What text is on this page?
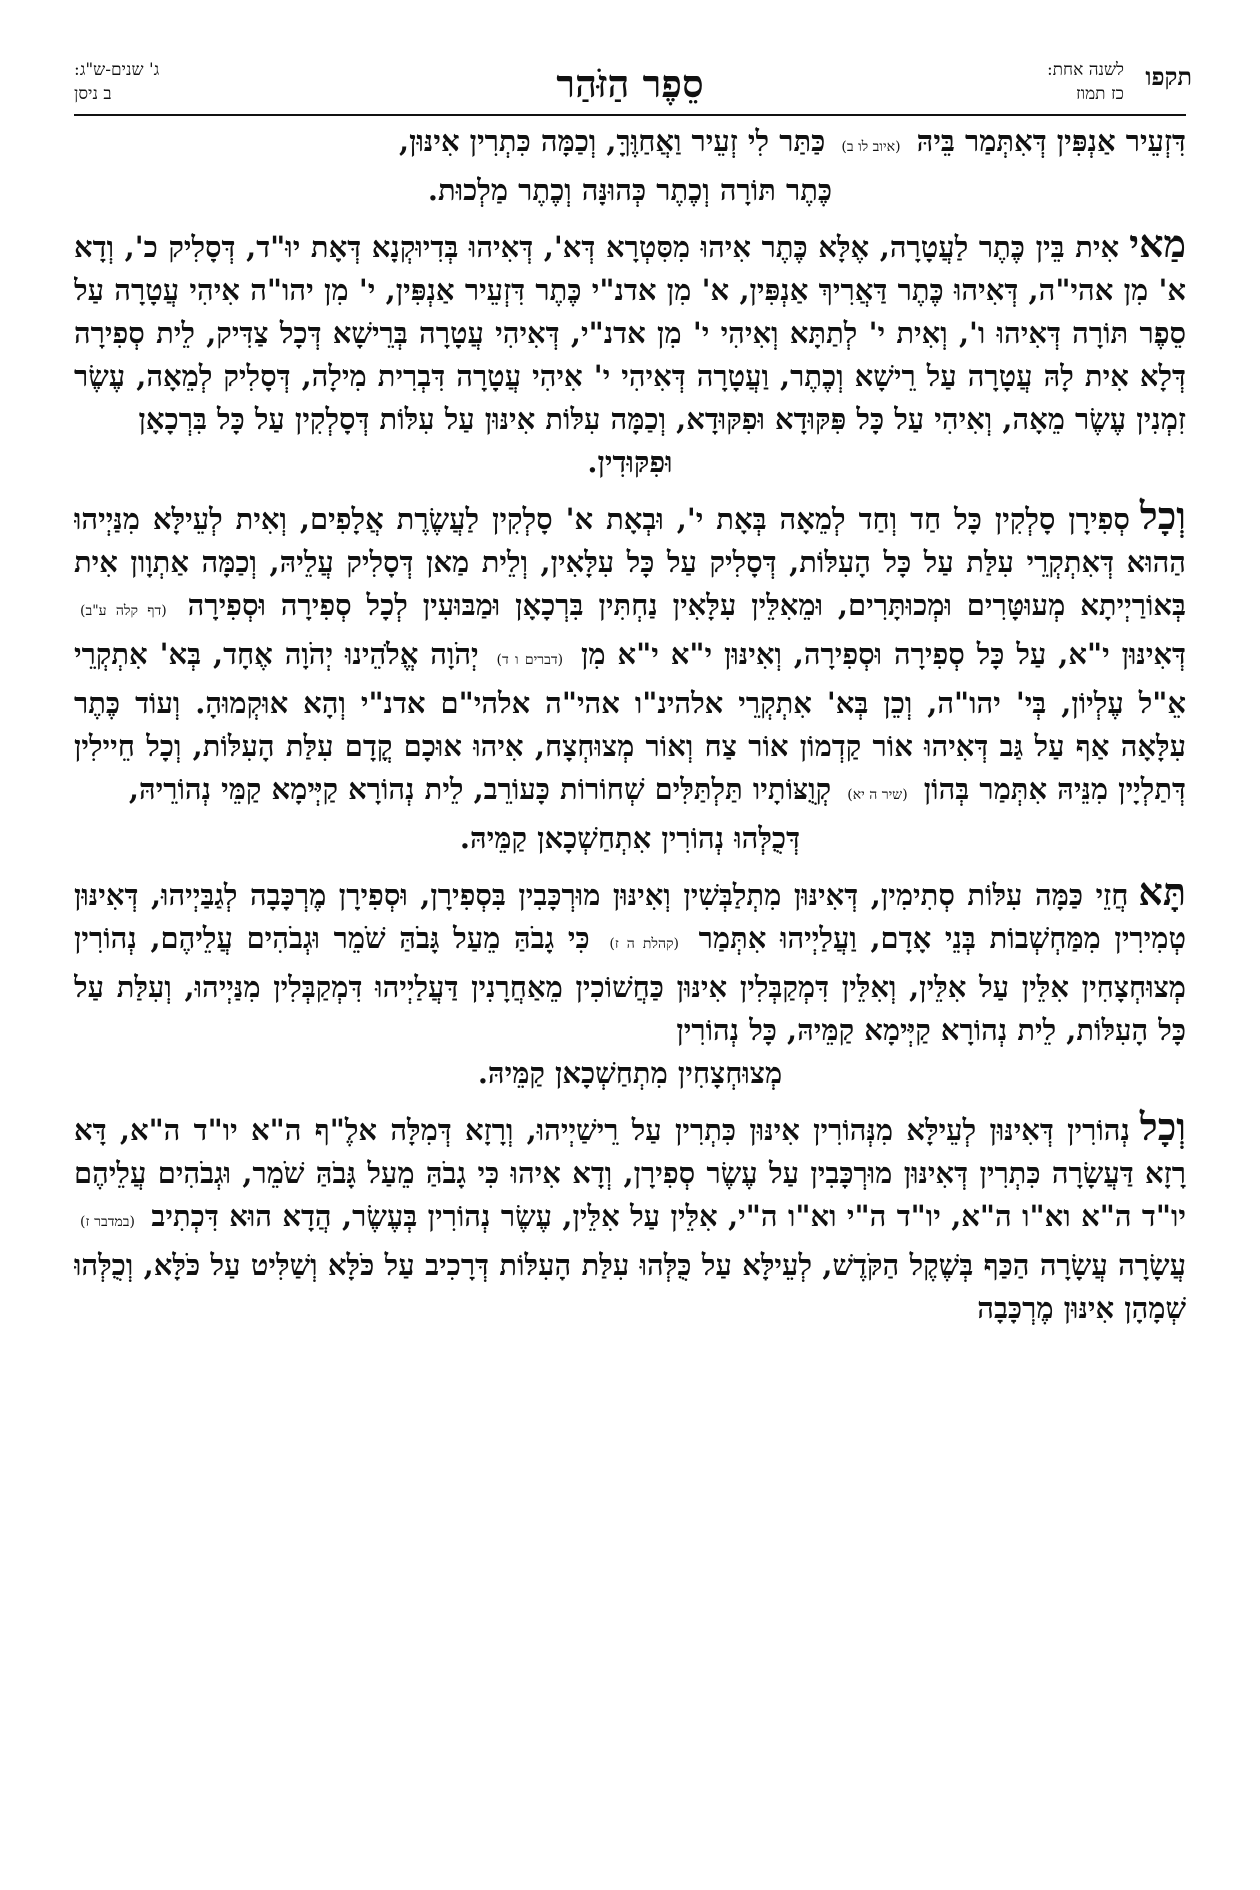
תקפו
לשנה אחת:
כז תמוז
סֵפֶר הַזֹּהַר
ג' שנים-ש"ג:
ב ניסן

דִּזְעֵיר אַנְפִּין דְּאִתְּמַר בֵּיהּ (איוב לו ב) כַּתַּר לִי זְעֵיר וַאֲחַוֶּךָּ, וְכַמָּה כִּתְרִין אִינּוּן,
כֶּתֶר תּוֹרָה וְכֶתֶר כְּהוּנָּה וְכֶתֶר מַלְכוּת.

מַאיאִית בֵּין כֶּתֶר לַעֲטָרָה, אֶלָּא כֶּתֶר אִיהוּ מִסִּטְרָא דְּא', דְּאִיהוּ בְּדִיוּקְנָא דְּאָת יוּ"ד, דְּסָלִיק כ', וְדָא א' מִן אהי"ה, דְּאִיהוּ כֶּתֶר דַּאֲרִיךְ אַנְפִּין, א' מִן אדנ"י כֶּתֶר דִּזְעֵיר אַנְפִּין, י' מִן יהו"ה אִיהִי עֲטָרָה עַל סֵפֶר תּוֹרָה דְּאִיהוּ ו', וְאִית י' לְתַתָּא וְאִיהִי י' מִן אדנ"י, דְּאִיהִי עֲטָרָה בְּרֵישָׁא דְּכָל צַדִּיק, לֵית סְפִירָה דְּלָא אִית לָהּ עֲטָרָה עַל רֵישָׁא וְכֶתֶר, וַעֲטָרָה דְּאִיהִי י' אִיהִי עֲטָרָה דִּבְרִית מִילָה, דְּסָלִיק לְמֵאָה, עֶשֶׂר זִמְנִין עֶשֶׂר מֵאָה, וְאִיהִי עַל כָּל פִּקּוּדָא וּפִקּוּדָא, וְכַמָּה עִלּוֹת אִינּוּן עַל עִלּוֹת דְּסָלְקִין עַל כָּל בִּרְכָאָן
וּפִקּוּדִין.

וְכָלסְפִירָן סָלְקִין כָּל חַד וְחַד לְמֵאָה בְּאָת י', וּבְאָת א' סָלְקִין לַעֲשֶׂרֶת אֲלָפִים, וְאִית לְעֵילָּא מִנַּיְיהוּ הַהוּא דְּאִתְקְרֵי עִלַּת עַל כָּל הָעִלּוֹת, דְּסָלִיק עַל כָּל עִלָּאִין, וְלֵית מַאן דְּסָלִיק עֲלֵיהּ, וְכַמָּה אַתְוָון אִית בְּאוֹרַיְיתָא מְעוּטָּרִים וּמְכוּתָּרִים, וּמֵאִלֵּין עִלָּאִין נַחְתִּין בִּרְכָאָן וּמַבּוּעִין לְכָל סְפִירָה וּסְפִירָה (דף קלה ע"ב) דְּאִינּוּן י"א, עַל כָּל סְפִירָה וּסְפִירָה, וְאִינּוּן י"א י"א מִן (דברים ו ד) יְהֹוָה אֱלֹהֵינוּ יְהֹוָה אֶחָד, בְּא' אִתְקְרֵי אֵ"ל עֶלְיוֹן, בְּי' יהו"ה, וְכֵן בְּא' אִתְקְרֵי אלהינ"ו אהי"ה אלהי"ם אדנ"י וְהָא אוּקְמוּהָ. וְעוֹד כֶּתֶר עִלָּאָה אַף עַל גַּב דְּאִיהוּ אוֹר קַדְמוֹן אוֹר צַח וְאוֹר מְצוּחְצָח, אִיהוּ אוּכָם קֳדָם עִלַּת הָעִלּוֹת, וְכָל חֵיילִין דְּתַלְיָין מִנֵּיהּ אִתְּמַר בְּהוֹן (שיר ה יא) קְוֻצּוֹתָיו תַּלְתַּלִּים שְׁחוֹרוֹת כָּעוֹרֵב, לֵית נְהוֹרָא קַיְּימָא קַמֵּי נְהוֹרֵיהּ,
דְּכֻלְּהוּ נְהוֹרִין אִתְחַשְׁכָאן קַמֵּיהּ.

תָּאחֲזֵי כַּמָּה עִלּוֹת סְתִימִין, דְּאִינּוּן מִתְלַבְּשִׁין וְאִינּוּן מוּרְכָּבִין בִּסְפִירָן, וּסְפִירָן מֶרְכָּבָה לְגַבַּיְיהוּ, דְּאִינּוּן טְמִירִין מִמַּחְשְׁבוֹת בְּנֵי אָדָם, וַעֲלַיְיהוּ אִתְּמַר (קהלת ה ז) כִּי גָבֹהַּ מֵעַל גָּבֹהַּ שֹׁמֵר וּגְבֹהִים עֲלֵיהֶם, נְהוֹרִין מְצוּחְצָחִין אִלֵּין עַל אִלֵּין, וְאִלֵּין דִּמְקַבְּלִין אִינּוּן כַּחֲשׁוֹכִין מֵאַחֲרָנִין דַּעֲלַיְיהוּ דִּמְקַבְּלִין מִנַּיְיהוּ, וְעִלַּת עַל כָּל הָעִלּוֹת, לֵית נְהוֹרָא קַיְּימָא קַמֵּיהּ, כָּל נְהוֹרִין
מְצוּחְצָחִין מִתְחַשְׁכָאן קַמֵּיהּ.

וְכָלנְהוֹרִין דְּאִינּוּן לְעֵילָּא מִנְּהוֹרִין אִינּוּן כִּתְרִין עַל רֵישַׁיְיהוּ, וְרָזָא דְּמִלָּה אלֶ"ף ה"א יו"ד ה"א, דָּא רָזָא דַּעֲשָׂרָה כִּתְרִין דְּאִינּוּן מוּרְכָּבִין עַל עֶשֶׂר סְפִירָן, וְדָא אִיהוּ כִּי גָבֹהַּ מֵעַל גָּבֹהַּ שֹׁמֵר, וּגְבֹהִים עֲלֵיהֶם יו"ד ה"א וא"ו ה"א, יו"ד ה"י וא"ו ה"י, אִלֵּין עַל אִלֵּין, עֶשֶׂר נְהוֹרִין בְּעֶשֶׂר, הֲדָא הוּא דִּכְתִיב (במדבר ז) עֲשָׂרָה עֲשָׂרָה הַכַּף בְּשֶׁקֶל הַקֹּדֶשׁ, לְעֵילָּא עַל כֻּלְּהוּ עִלַּת הָעִלּוֹת דְּרָכִיב עַל כֹּלָּא וְשַׁלִּיט עַל כֹּלָּא, וְכֻלְּהוּ שְׁמָהָן אִינּוּן מֶרְכָּבָה
